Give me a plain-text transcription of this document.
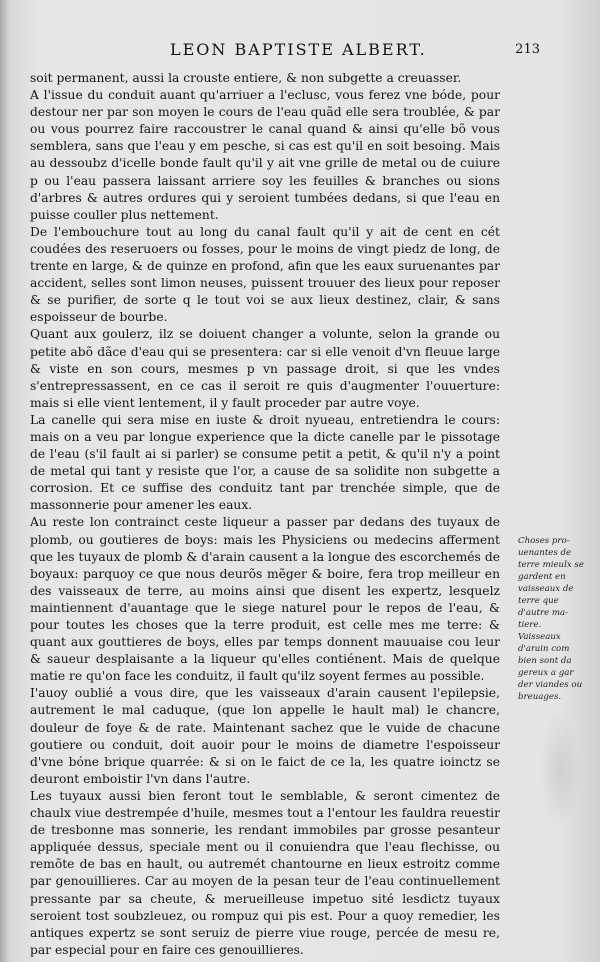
LEON BAPTISTE ALBERT.	213

soit permanent, aussi la crouste entiere, & non subgette a creuasser.

A l'issue du conduit auant qu'arriuer a l'eclusc, vous ferez vne bóde, pour destour ner par son moyen le cours de l'eau quãd elle sera troublée, & par ou vous pourrez faire raccoustrer le canal quand & ainsi qu'elle bõ vous semblera, sans que l'eau y em pesche, si cas est qu'il en soit besoing. Mais au dessoubz d'icelle bonde fault qu'il y ait vne grille de metal ou de cuiure p ou l'eau passera laissant arriere soy les feuilles & branches ou sions d'arbres & autres ordures qui y seroient tumbées dedans, si que l'eau en puisse couller plus nettement.

De l'embouchure tout au long du canal fault qu'il y ait de cent en cét coudées des reseruoers ou fosses, pour le moins de vingt piedz de long, de trente en large, & de quinze en profond, afin que les eaux suruenantes par accident, selles sont limon neuses, puissent trouuer des lieux pour reposer & se purifier, de sorte q le tout voi se aux lieux destinez, clair, & sans espoisseur de bourbe.

Quant aux goulerz, ilz se doiuent changer a volunte, selon la grande ou petite abõ dãce d'eau qui se presentera: car si elle venoit d'vn fleuue large & viste en son cours, mesmes p vn passage droit, si que les vndes s'entrepressassent, en ce cas il seroit re quis d'augmenter l'ouuerture: mais si elle vient lentement, il y fault proceder par autre voye.

La canelle qui sera mise en iuste & droit nyueau, entretiendra le cours: mais on a veu par longue experience que la dicte canelle par le pissotage de l'eau (s'il fault ai si parler) se consume petit a petit, & qu'il n'y a point de metal qui tant y resiste que l'or, a cause de sa solidite non subgette a corrosion. Et ce suffise des conduitz tant par trenchée simple, que de massonnerie pour amener les eaux.

Au reste lon contrainct ceste liqueur a passer par dedans des tuyaux de plomb, ou goutieres de boys: mais les Physiciens ou medecins afferment que les tuyaux de plomb & d'arain causent a la longue des escorchemés de boyaux: parquoy ce que nous deurõs mẽger & boire, fera trop meilleur en des vaisseaux de terre, au moins ainsi que disent les expertz, lesquelz maintiennent d'auantage que le siege naturel pour le repos de l'eau, & pour toutes les choses que la terre produit, est celle mes me terre: & quant aux gouttieres de boys, elles par temps donnent mauuaise cou leur & saueur desplaisante a la liqueur qu'elles contiénent. Mais de quelque matie re qu'on face les conduitz, il fault qu'ilz soyent fermes au possible.

I'auoy oublié a vous dire, que les vaisseaux d'arain causent l'epilepsie, autrement le mal caduque, (que lon appelle le hault mal) le chancre, douleur de foye & de rate. Maintenant sachez que le vuide de chacune goutiere ou conduit, doit auoir pour le moins de diametre l'espoisseur d'vne bóne brique quarrée: & si on le faict de ce la, les quatre ioinctz se deuront emboistir l'vn dans l'autre.

Les tuyaux aussi bien feront tout le semblable, & seront cimentez de chaulx viue destrempée d'huile, mesmes tout a l'entour les fauldra reuestir de tresbonne mas sonnerie, les rendant immobiles par grosse pesanteur appliquée dessus, speciale ment ou il conuiendra que l'eau flechisse, ou remõte de bas en hault, ou autremét chantourne en lieux estroitz comme par genouillieres. Car au moyen de la pesan teur de l'eau continuellement pressante par sa cheute, & merueilleuse impetuo sité lesdictz tuyaux seroient tost soubzleuez, ou rompuz qui pis est. Pour a quoy remedier, les antiques expertz se sont seruiz de pierre viue rouge, percée de mesu re, par especial pour en faire ces genouillieres.

Choses pro- uenantes de terre mieulx se gardent en vaisseaux de terre que d'autre ma- tiere.

Vaisseaux d'arain com bien sont da gereux a gar der viandes ou breuages.
